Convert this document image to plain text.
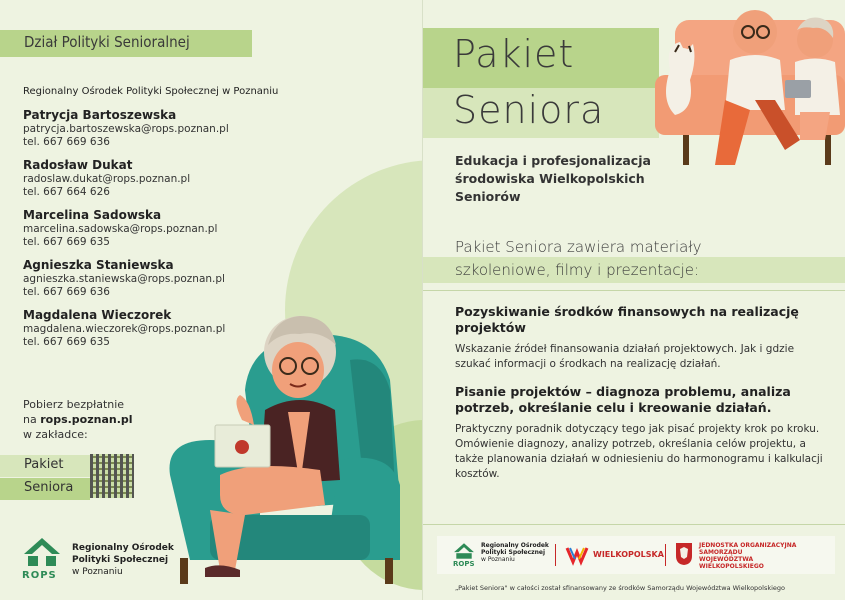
Dział Polityki Senioralnej
Regionalny Ośrodek Polityki Społecznej w Poznaniu
Patrycja Bartoszewska
patrycja.bartoszewska@rops.poznan.pl
tel. 667 669 636
Radosław Dukat
radoslaw.dukat@rops.poznan.pl
tel. 667 664 626
Marcelina Sadowska
marcelina.sadowska@rops.poznan.pl
tel. 667 669 635
Agnieszka Staniewska
agnieszka.staniewska@rops.poznan.pl
tel. 667 669 636
Magdalena Wieczorek
magdalena.wieczorek@rops.poznan.pl
tel. 667 669 635
Pobierz bezpłatnie
na rops.poznan.pl
w zakładce:
Pakiet
Seniora
ROPS
Regionalny Ośrodek
Polityki Społecznej
w Poznaniu
Pakiet
Seniora
Edukacja i profesjonalizacja środowiska Wielkopolskich Seniorów
Pakiet Seniora zawiera materiały
szkoleniowe, filmy i prezentacje:
Pozyskiwanie środków finansowych na realizację projektów
Wskazanie źródeł finansowania działań projektowych. Jak i gdzie szukać informacji o środkach na realizację działań.
Pisanie projektów – diagnoza problemu, analiza potrzeb, określanie celu i kreowanie działań.
Praktyczny poradnik dotyczący tego jak pisać projekty krok po kroku. Omówienie diagnozy, analizy potrzeb, określania celów projektu, a także planowania działań w odniesieniu do harmonogramu i kalkulacji kosztów.
ROPS
Regionalny Ośrodek
Polityki Społecznej
w Poznaniu
WIELKOPOLSKA
JEDNOSTKA ORGANIZACYJNA
SAMORZĄDU
WOJEWÓDZTWA
WIELKOPOLSKIEGO
„Pakiet Seniora" w całości został sfinansowany ze środków Samorządu Województwa Wielkopolskiego
